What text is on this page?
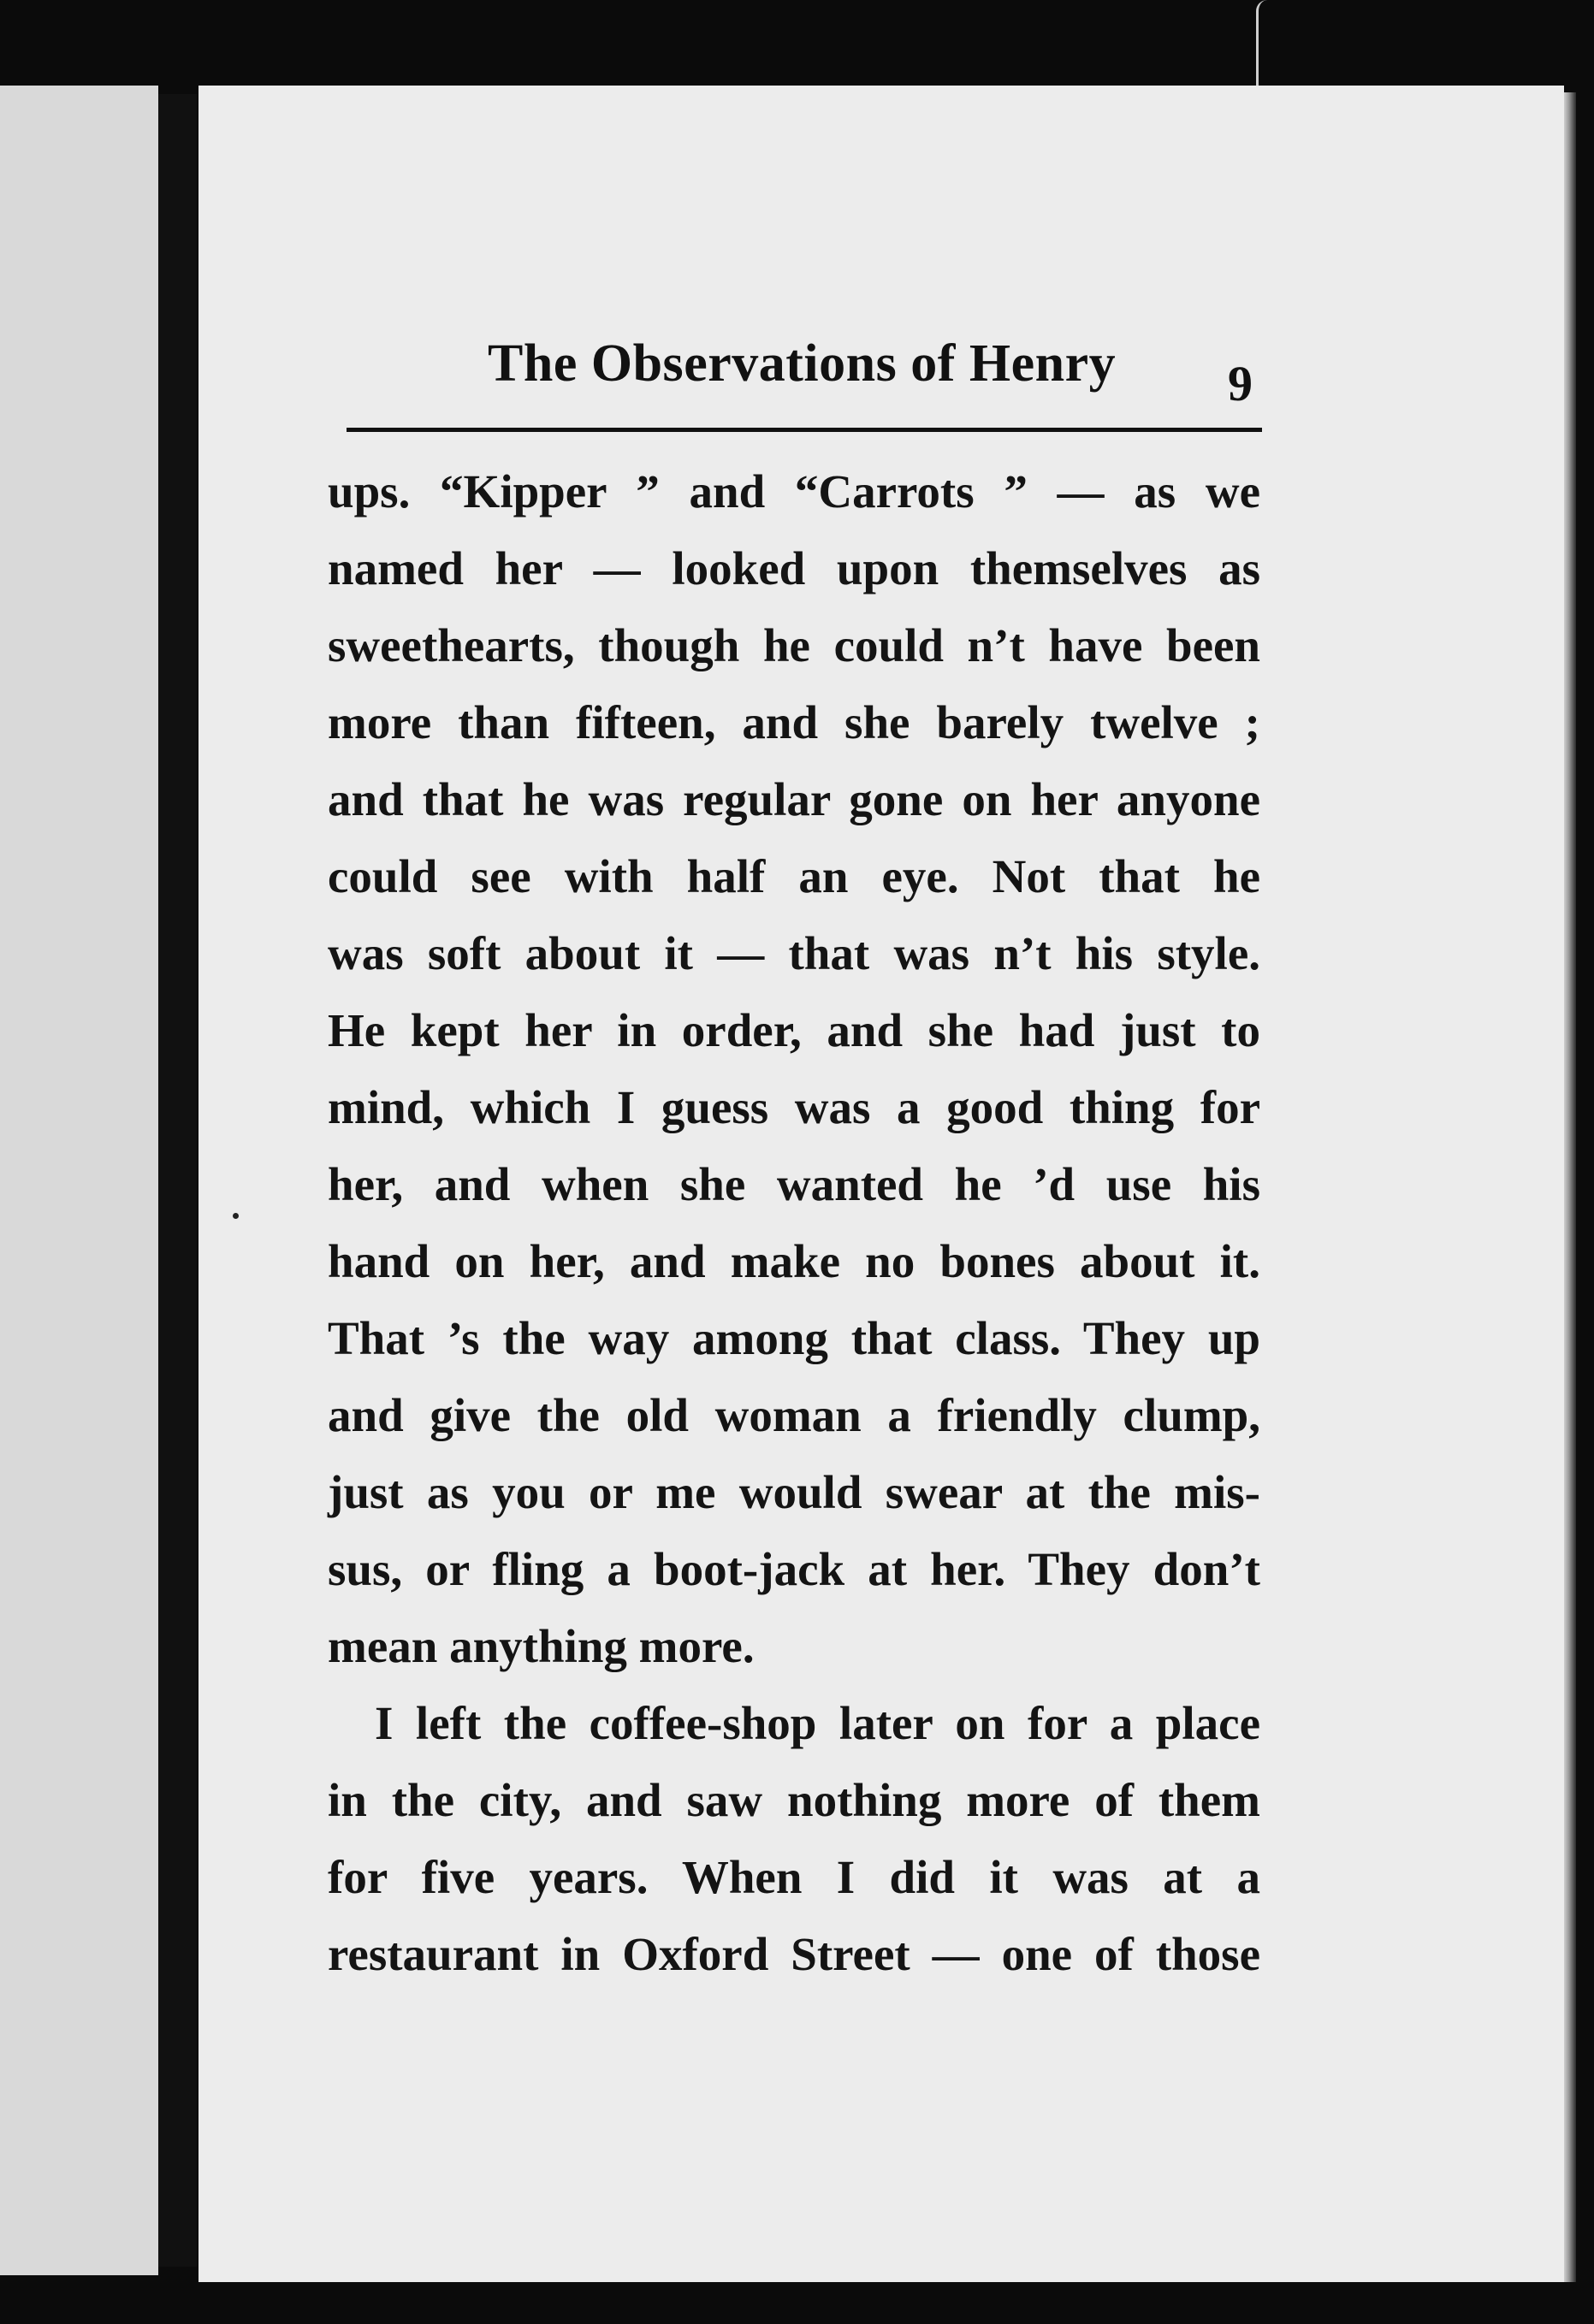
The Observations of Henry 9
ups. “Kipper ” and “Carrots ” — as we
named her — looked upon themselves as
sweethearts, though he could n’t have been
more than fifteen, and she barely twelve ;
and that he was regular gone on her anyone
could see with half an eye. Not that he
was soft about it — that was n’t his style.
He kept her in order, and she had just to
mind, which I guess was a good thing for
her, and when she wanted he ’d use his
hand on her, and make no bones about it.
That ’s the way among that class. They up
and give the old woman a friendly clump,
just as you or me would swear at the mis-
sus, or fling a boot-jack at her. They don’t
mean anything more.
I left the coffee-shop later on for a place
in the city, and saw nothing more of them
for five years. When I did it was at a
restaurant in Oxford Street — one of those
